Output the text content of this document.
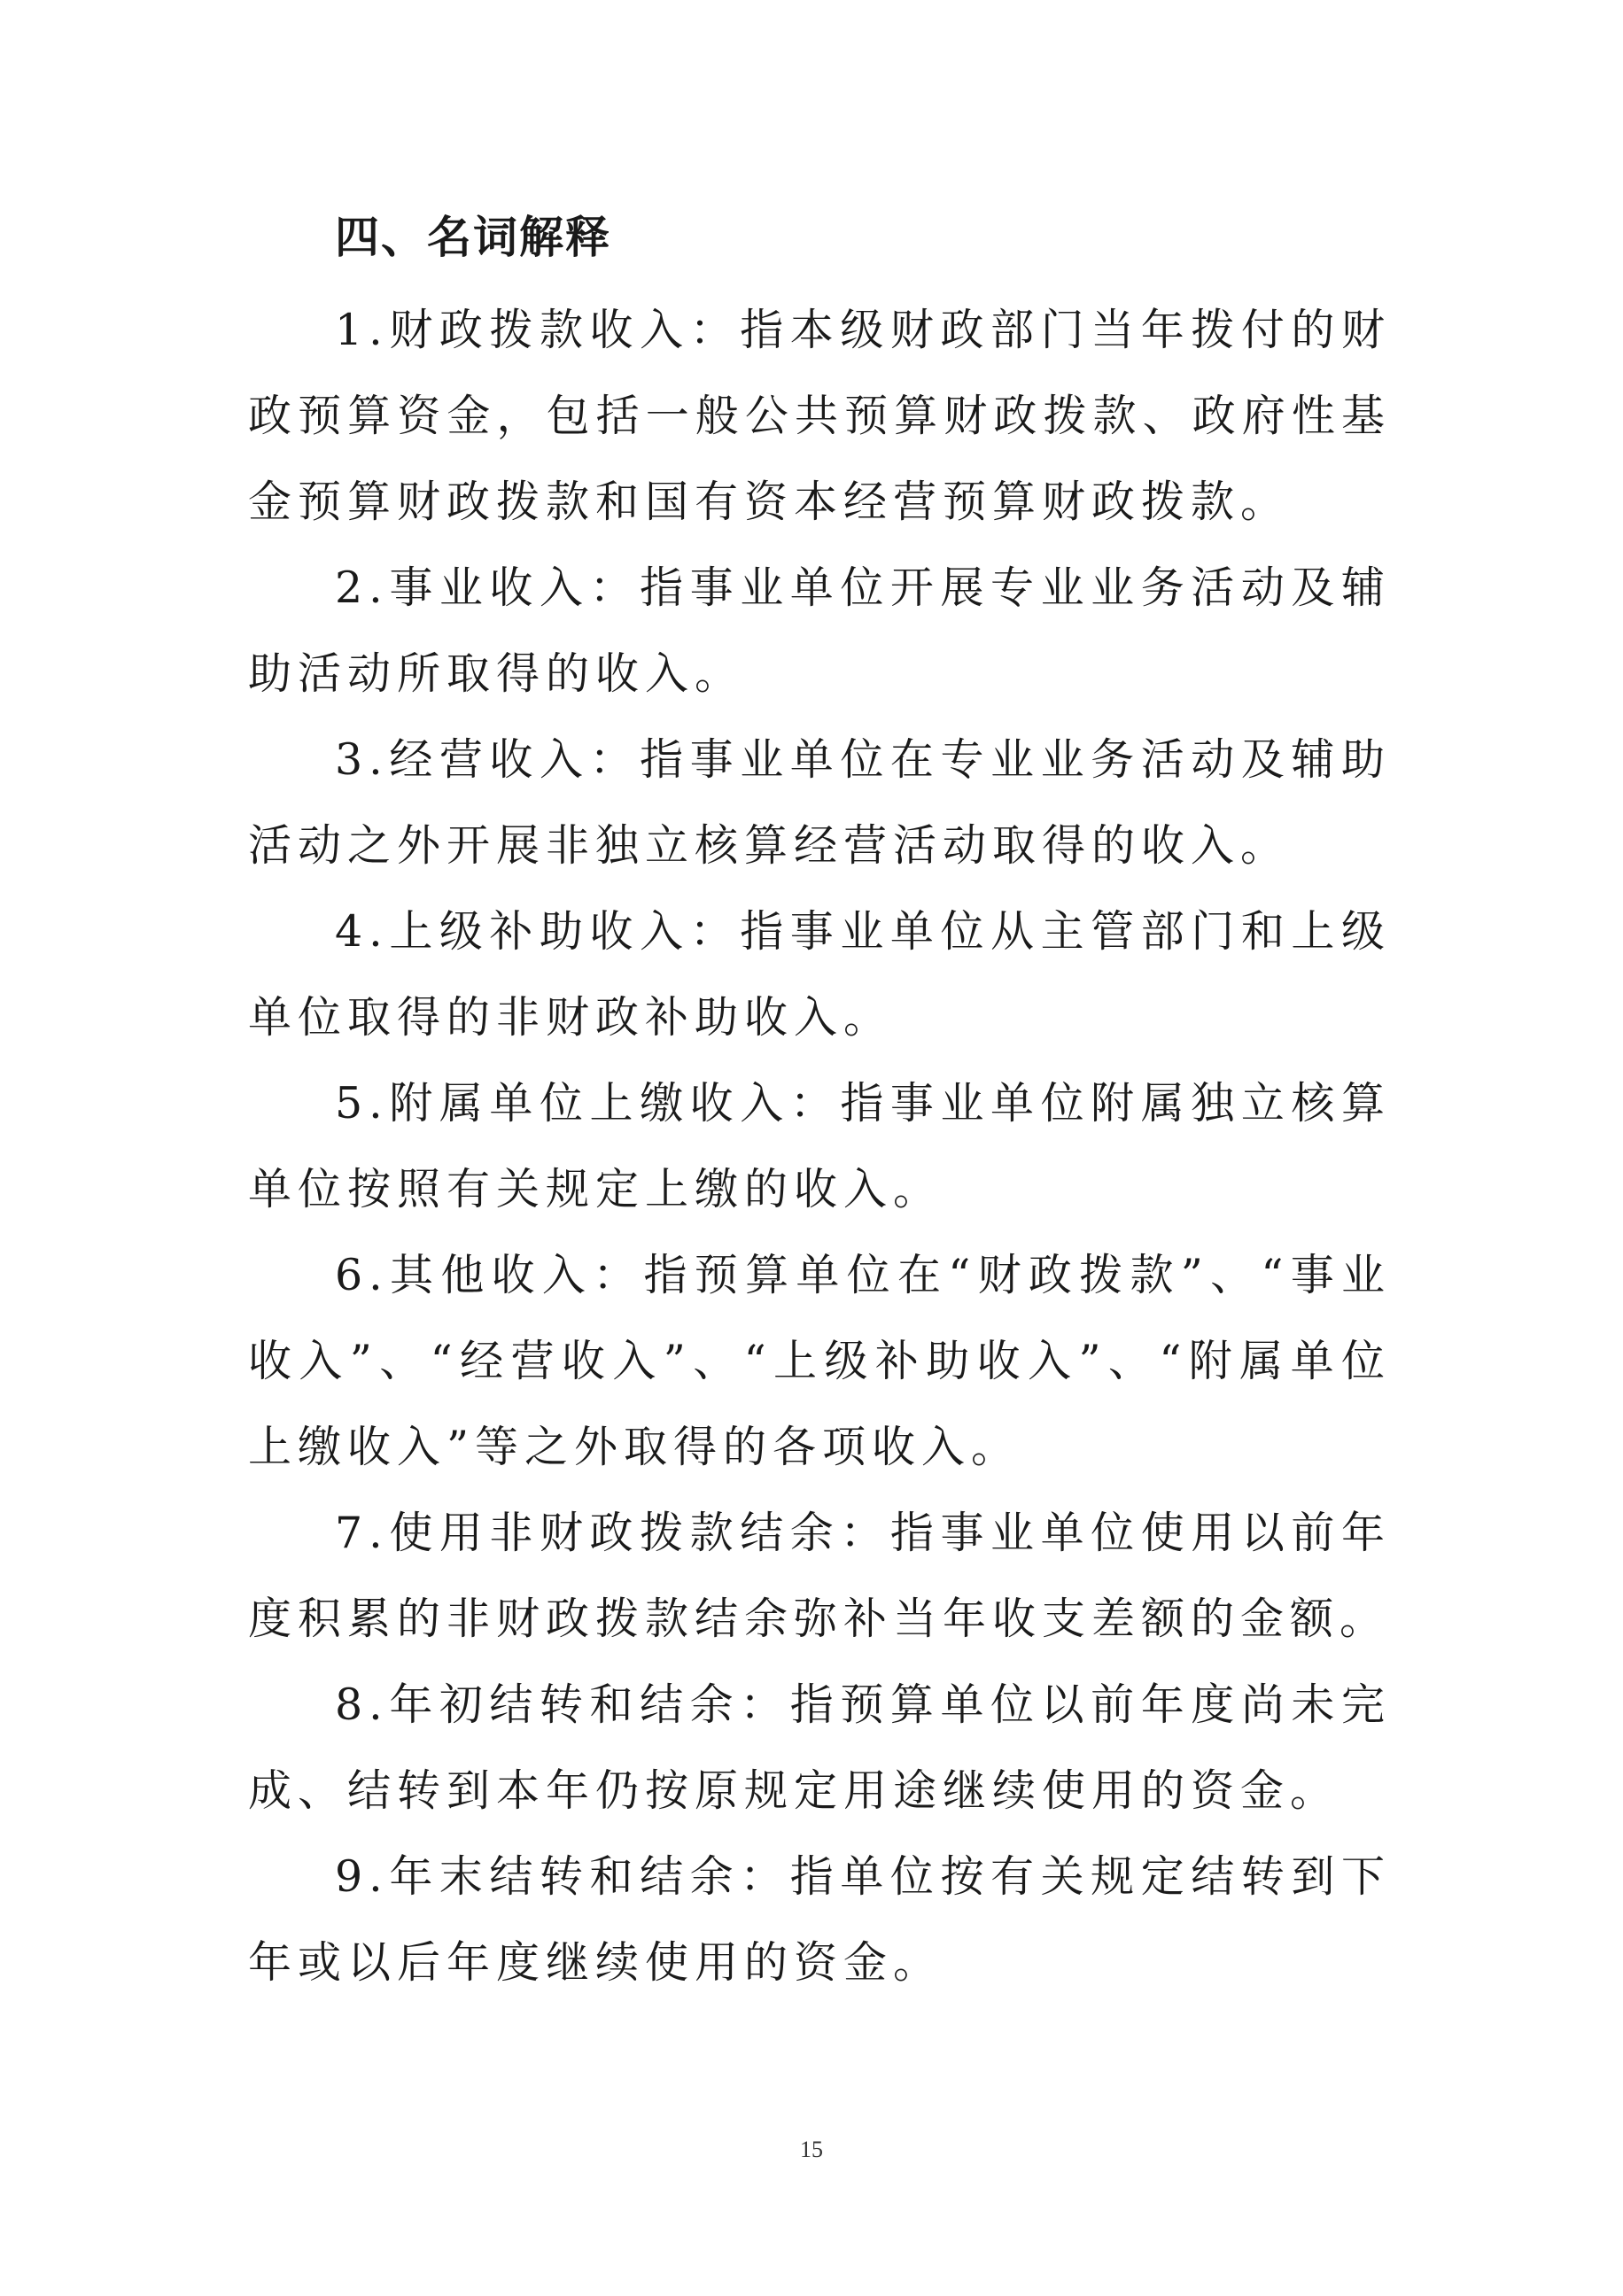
四、名词解释

1.财政拨款收入：指本级财政部门当年拨付的财政预算资金，包括一般公共预算财政拨款、政府性基金预算财政拨款和国有资本经营预算财政拨款。

2.事业收入：指事业单位开展专业业务活动及辅助活动所取得的收入。

3.经营收入：指事业单位在专业业务活动及辅助活动之外开展非独立核算经营活动取得的收入。

4.上级补助收入：指事业单位从主管部门和上级单位取得的非财政补助收入。

5.附属单位上缴收入：指事业单位附属独立核算单位按照有关规定上缴的收入。

6.其他收入：指预算单位在“财政拨款”、“事业收入”、“经营收入”、“上级补助收入”、“附属单位上缴收入”等之外取得的各项收入。

7.使用非财政拨款结余：指事业单位使用以前年度积累的非财政拨款结余弥补当年收支差额的金额。

8.年初结转和结余：指预算单位以前年度尚未完成、结转到本年仍按原规定用途继续使用的资金。

9.年末结转和结余：指单位按有关规定结转到下年或以后年度继续使用的资金。

15
